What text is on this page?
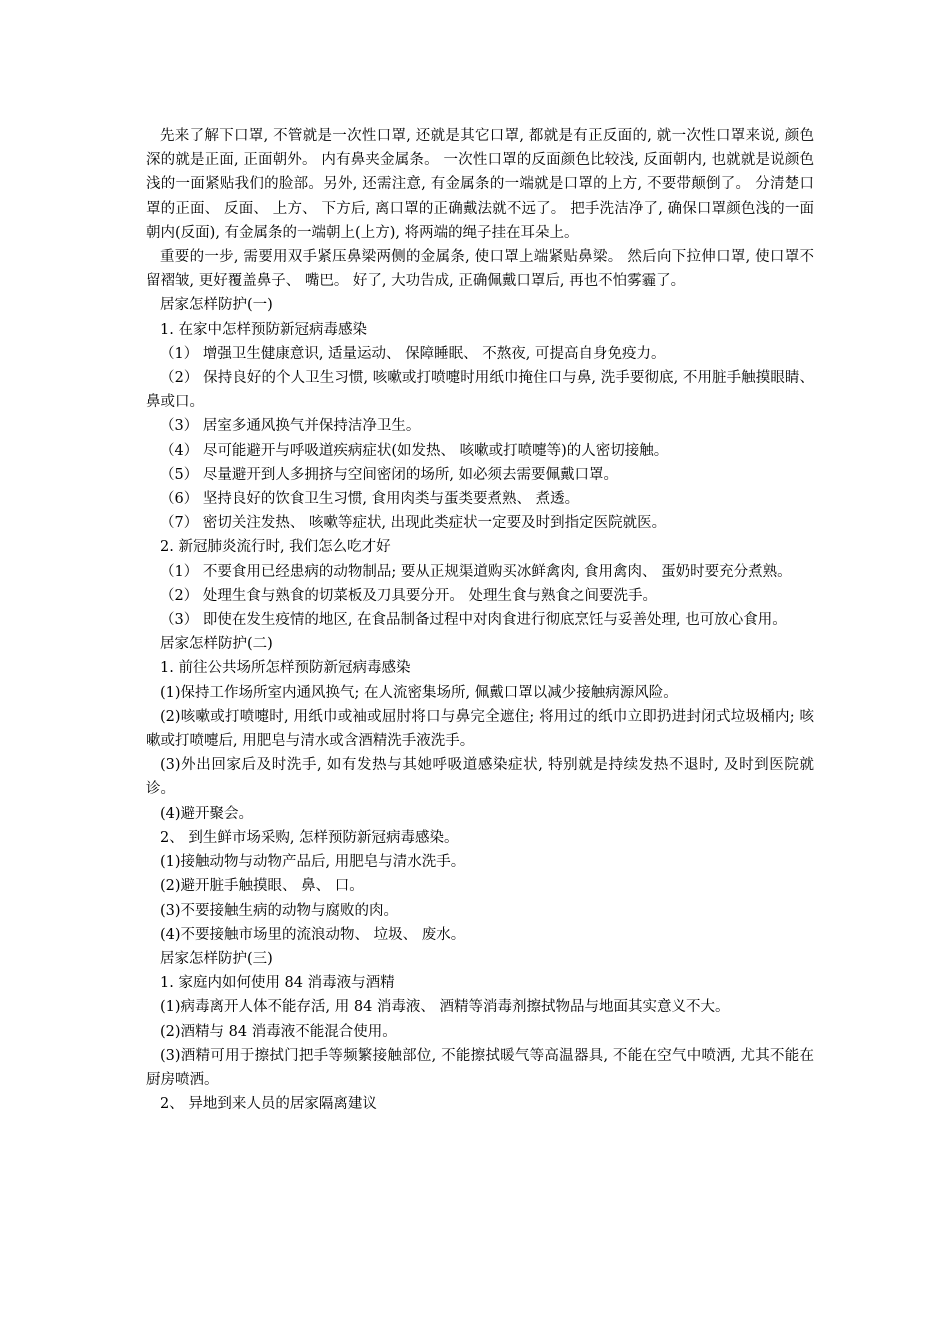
先来了解下口罩, 不管就是一次性口罩, 还就是其它口罩, 都就是有正反面的, 就一次性口罩来说, 颜色深的就是正面, 正面朝外。 内有鼻夹金属条。 一次性口罩的反面颜色比较浅, 反面朝内, 也就就是说颜色浅的一面紧贴我们的脸部。另外, 还需注意, 有金属条的一端就是口罩的上方, 不要带颠倒了。 分清楚口罩的正面、 反面、 上方、 下方后, 离口罩的正确戴法就不远了。 把手洗洁净了, 确保口罩颜色浅的一面朝内(反面), 有金属条的一端朝上(上方), 将两端的绳子挂在耳朵上。

重要的一步, 需要用双手紧压鼻梁两侧的金属条, 使口罩上端紧贴鼻梁。 然后向下拉伸口罩, 使口罩不留褶皱, 更好覆盖鼻子、 嘴巴。 好了, 大功告成, 正确佩戴口罩后, 再也不怕雾霾了。

居家怎样防护(一)

1. 在家中怎样预防新冠病毒感染

（1） 增强卫生健康意识, 适量运动、 保障睡眠、 不熬夜, 可提高自身免疫力。

（2） 保持良好的个人卫生习惯, 咳嗽或打喷嚏时用纸巾掩住口与鼻, 洗手要彻底, 不用脏手触摸眼睛、 鼻或口。

（3） 居室多通风换气并保持洁净卫生。

（4） 尽可能避开与呼吸道疾病症状(如发热、 咳嗽或打喷嚏等)的人密切接触。

（5） 尽量避开到人多拥挤与空间密闭的场所, 如必须去需要佩戴口罩。

（6） 坚持良好的饮食卫生习惯, 食用肉类与蛋类要煮熟、 煮透。

（7） 密切关注发热、 咳嗽等症状, 出现此类症状一定要及时到指定医院就医。

2. 新冠肺炎流行时, 我们怎么吃才好

（1） 不要食用已经患病的动物制品; 要从正规渠道购买冰鲜禽肉, 食用禽肉、 蛋奶时要充分煮熟。

（2） 处理生食与熟食的切菜板及刀具要分开。 处理生食与熟食之间要洗手。

（3） 即使在发生疫情的地区, 在食品制备过程中对肉食进行彻底烹饪与妥善处理, 也可放心食用。

居家怎样防护(二)

1. 前往公共场所怎样预防新冠病毒感染

(1)保持工作场所室内通风换气; 在人流密集场所, 佩戴口罩以减少接触病源风险。

(2)咳嗽或打喷嚏时, 用纸巾或袖或屈肘将口与鼻完全遮住; 将用过的纸巾立即扔进封闭式垃圾桶内; 咳嗽或打喷嚏后, 用肥皂与清水或含酒精洗手液洗手。

(3)外出回家后及时洗手, 如有发热与其她呼吸道感染症状, 特别就是持续发热不退时, 及时到医院就诊。

(4)避开聚会。

2、 到生鲜市场采购, 怎样预防新冠病毒感染。

(1)接触动物与动物产品后, 用肥皂与清水洗手。

(2)避开脏手触摸眼、 鼻、 口。

(3)不要接触生病的动物与腐败的肉。

(4)不要接触市场里的流浪动物、 垃圾、 废水。

居家怎样防护(三)

1. 家庭内如何使用 84 消毒液与酒精

(1)病毒离开人体不能存活, 用 84 消毒液、 酒精等消毒剂擦拭物品与地面其实意义不大。

(2)酒精与 84 消毒液不能混合使用。

(3)酒精可用于擦拭门把手等频繁接触部位, 不能擦拭暖气等高温器具, 不能在空气中喷洒, 尤其不能在厨房喷洒。

2、 异地到来人员的居家隔离建议
